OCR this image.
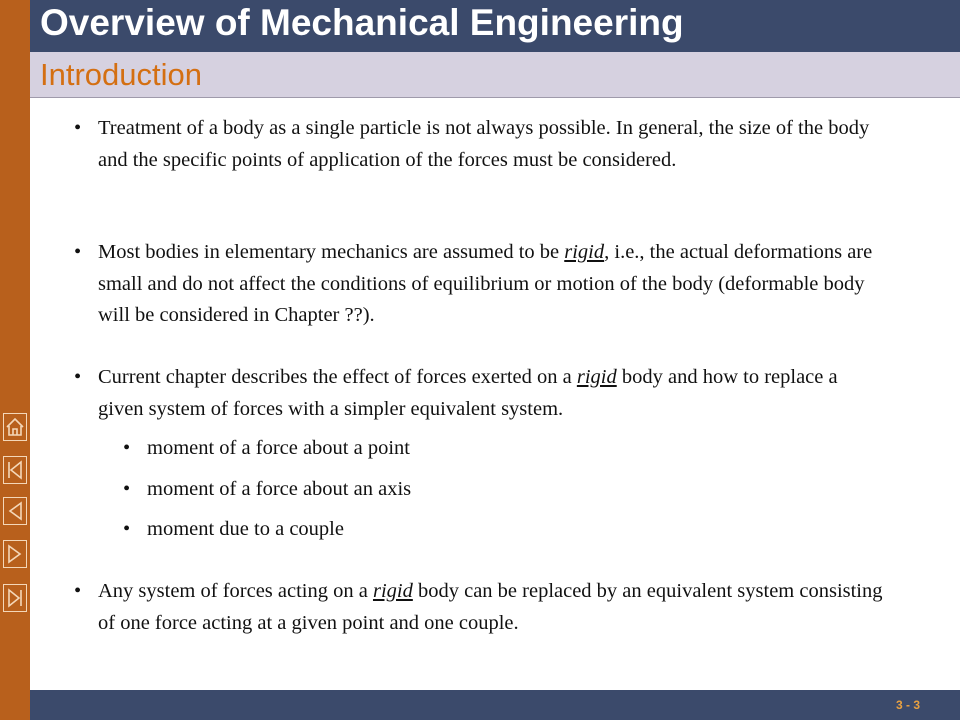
Overview of Mechanical Engineering
Introduction
• Treatment of a body as a single particle is not always possible. In general, the size of the body and the specific points of application of the forces must be considered.
• Most bodies in elementary mechanics are assumed to be rigid, i.e., the actual deformations are small and do not affect the conditions of equilibrium or motion of the body (deformable body will be considered in Chapter ??).
• Current chapter describes the effect of forces exerted on a rigid body and how to replace a given system of forces with a simpler equivalent system.
• moment of a force about a point
• moment of a force about an axis
• moment due to a couple
• Any system of forces acting on a rigid body can be replaced by an equivalent system consisting of one force acting at a given point and one couple.
3 - 3
